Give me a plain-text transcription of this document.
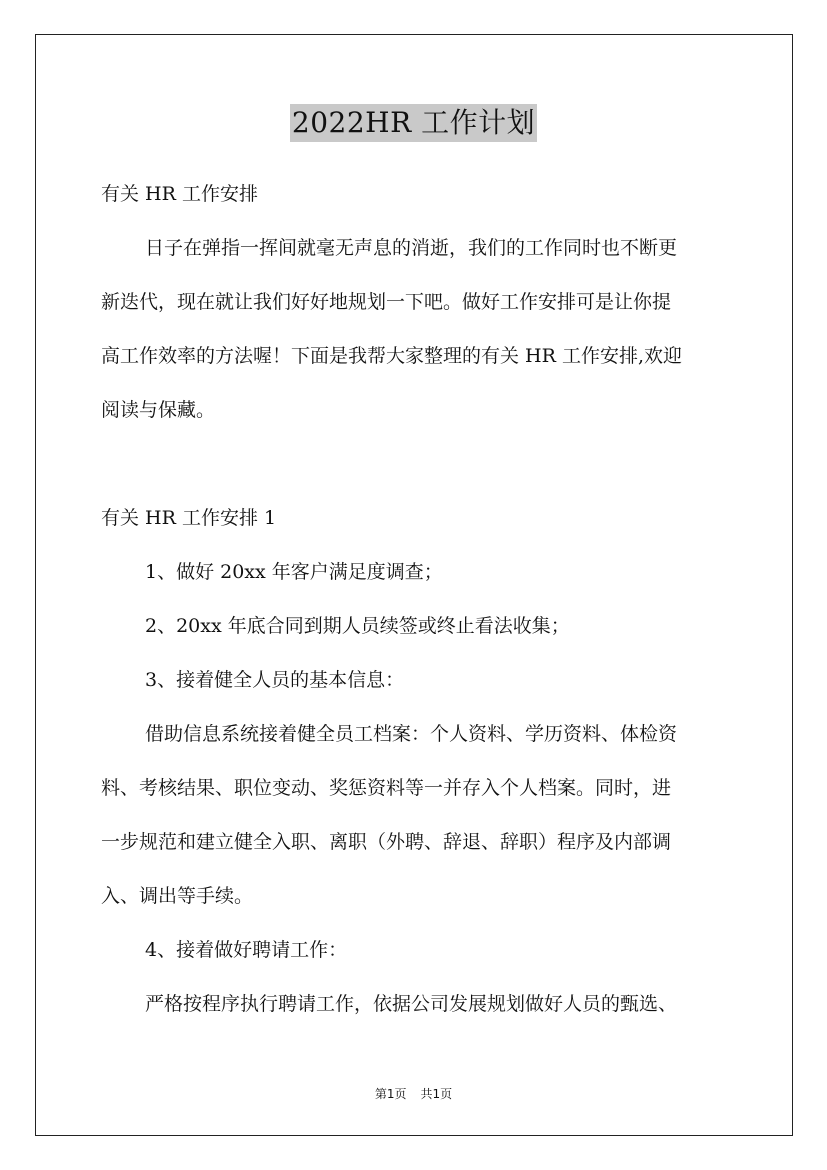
2022HR 工作计划

有关 HR 工作安排

日子在弹指一挥间就毫无声息的消逝，我们的工作同时也不断更

新迭代，现在就让我们好好地规划一下吧。做好工作安排可是让你提

高工作效率的方法喔！下面是我帮大家整理的有关 HR 工作安排,欢迎

阅读与保藏。

有关 HR 工作安排 1

1、做好 20xx 年客户满足度调查；

2、20xx 年底合同到期人员续签或终止看法收集；

3、接着健全人员的基本信息：

借助信息系统接着健全员工档案：个人资料、学历资料、体检资

料、考核结果、职位变动、奖惩资料等一并存入个人档案。同时，进

一步规范和建立健全入职、离职（外聘、辞退、辞职）程序及内部调

入、调出等手续。

4、接着做好聘请工作：

严格按程序执行聘请工作，依据公司发展规划做好人员的甄选、

第1页 共1页
